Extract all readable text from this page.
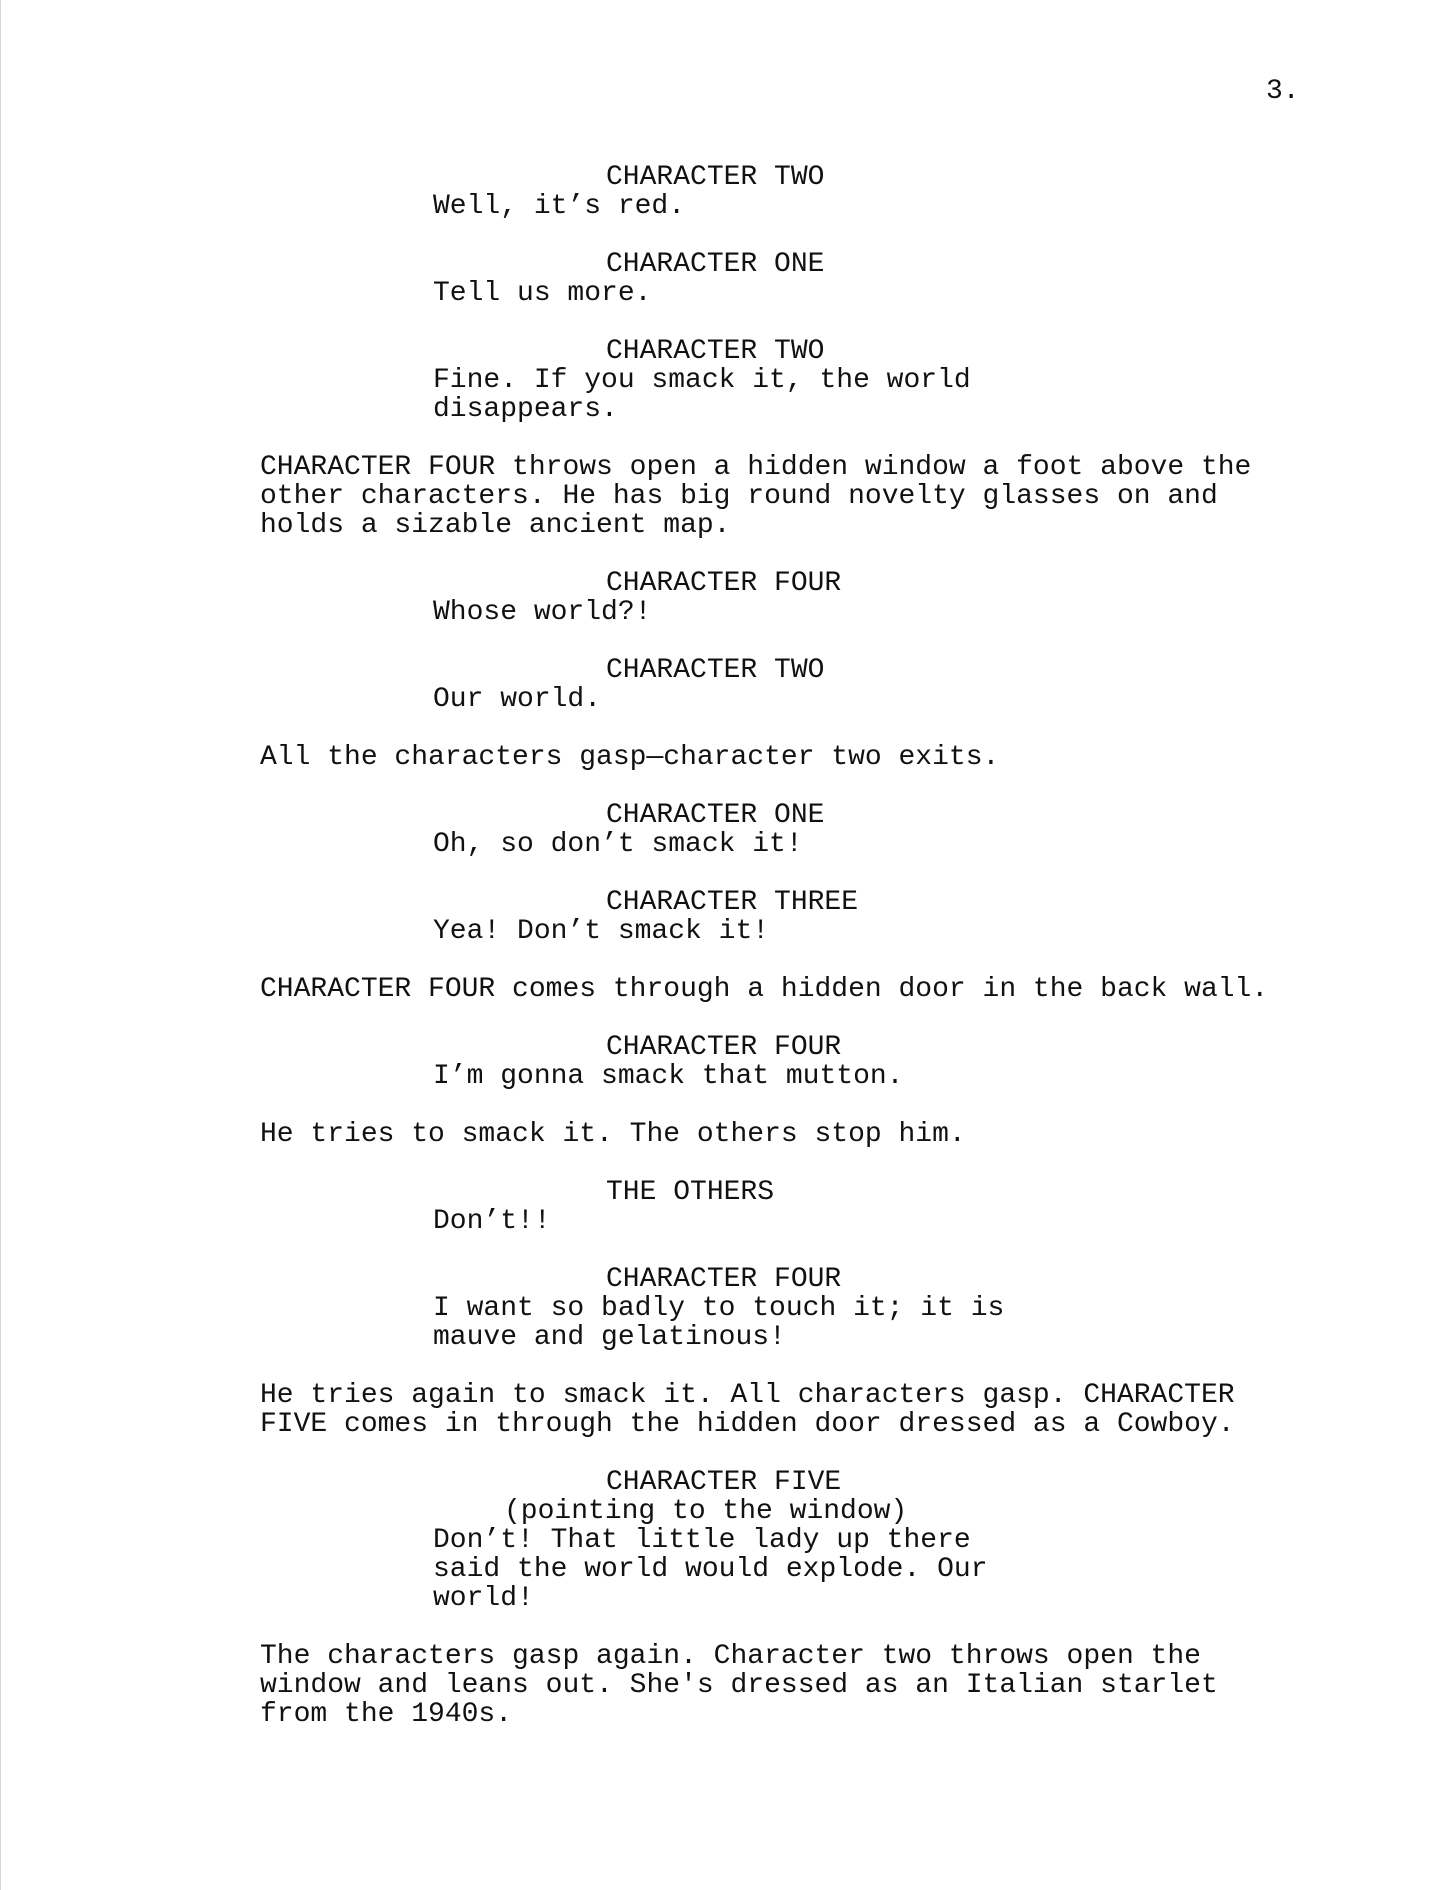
3.
CHARACTER TWO
Well, it’s red.
CHARACTER ONE
Tell us more.
CHARACTER TWO
Fine. If you smack it, the world
disappears.
CHARACTER FOUR throws open a hidden window a foot above the
other characters. He has big round novelty glasses on and
holds a sizable ancient map.
CHARACTER FOUR
Whose world?!
CHARACTER TWO
Our world.
All the characters gasp—character two exits.
CHARACTER ONE
Oh, so don’t smack it!
CHARACTER THREE
Yea! Don’t smack it!
CHARACTER FOUR comes through a hidden door in the back wall.
CHARACTER FOUR
I’m gonna smack that mutton.
He tries to smack it. The others stop him.
THE OTHERS
Don’t!!
CHARACTER FOUR
I want so badly to touch it; it is
mauve and gelatinous!
He tries again to smack it. All characters gasp. CHARACTER
FIVE comes in through the hidden door dressed as a Cowboy.
CHARACTER FIVE
(pointing to the window)
Don’t! That little lady up there
said the world would explode. Our
world!
The characters gasp again. Character two throws open the
window and leans out. She's dressed as an Italian starlet
from the 1940s.
